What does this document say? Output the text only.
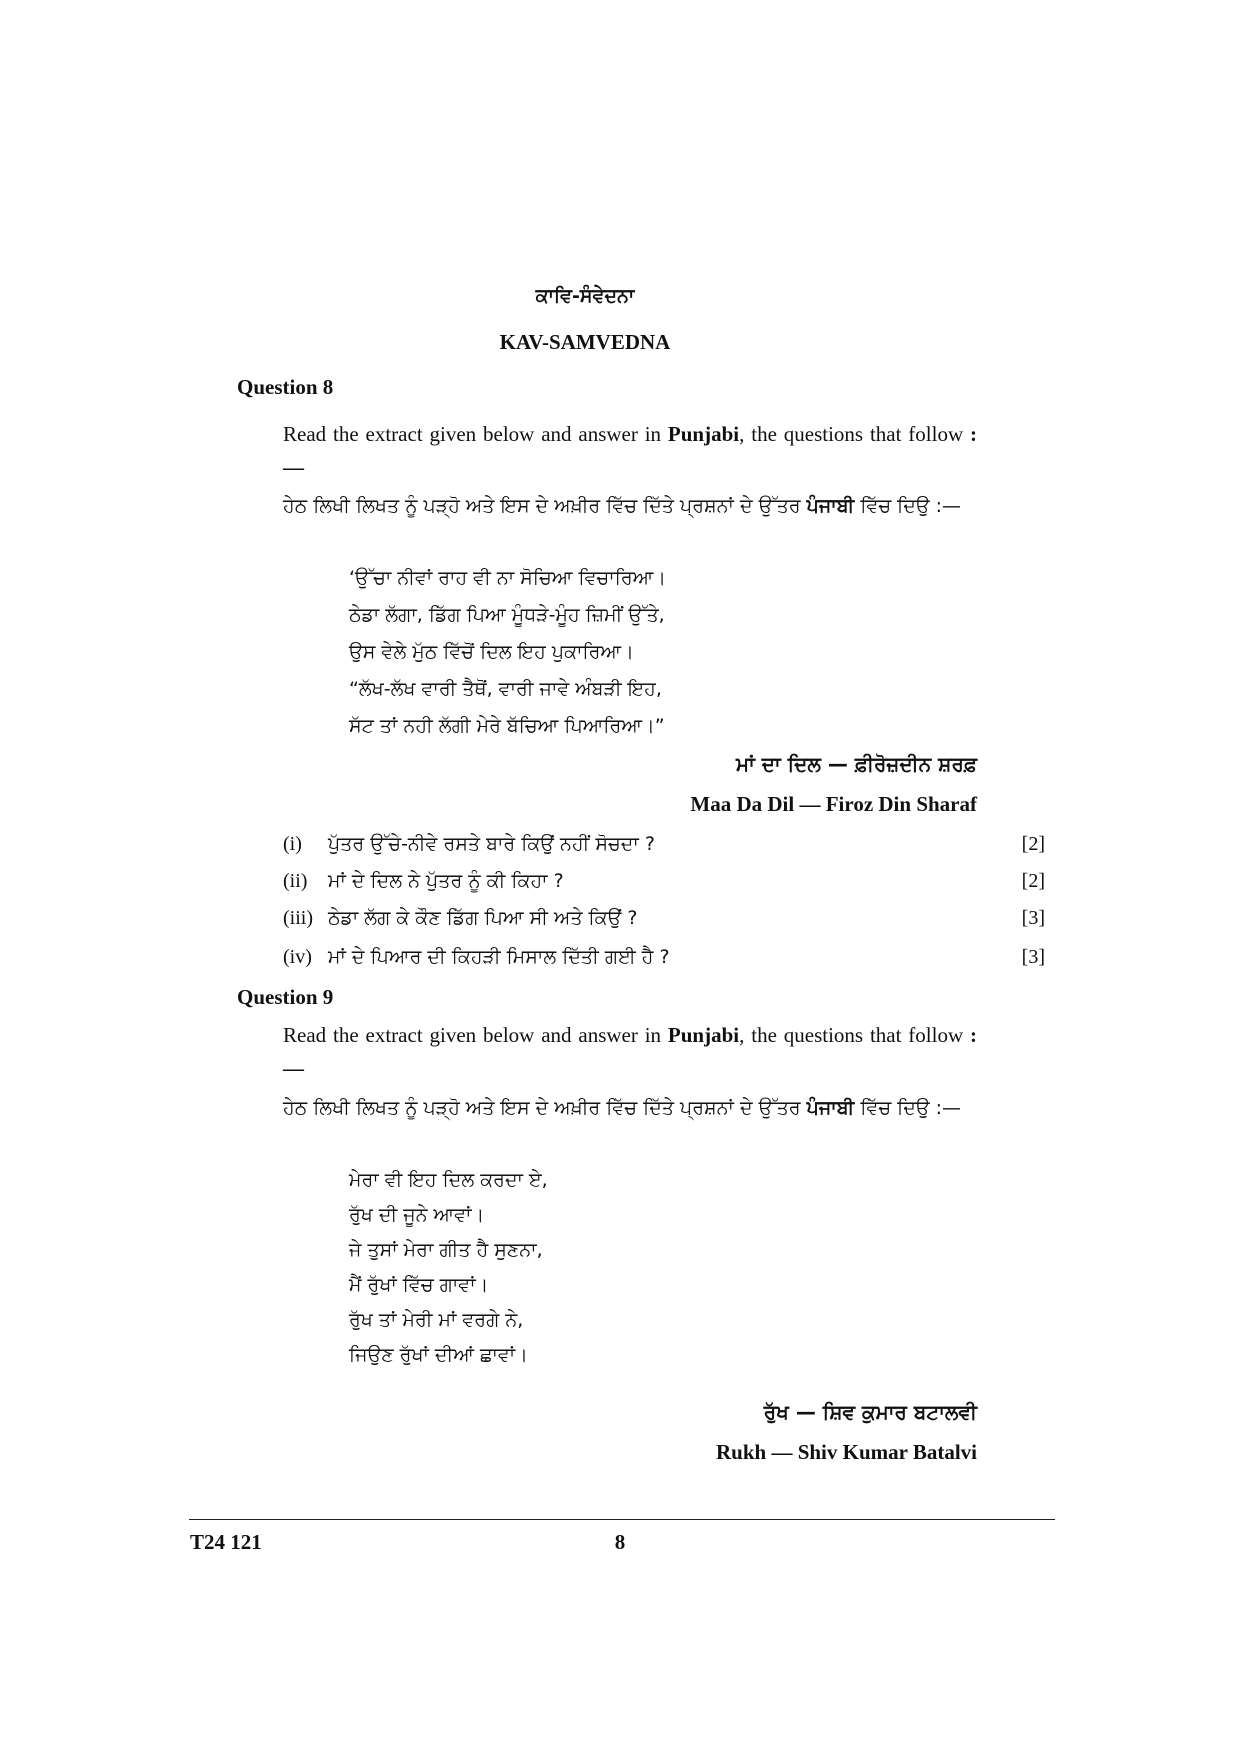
ਕਾਵਿ-ਸੰਵੇਦਨਾ
KAV-SAMVEDNA
Question 8
Read the extract given below and answer in Punjabi, the questions that follow :—
ਹੇਠ ਲਿਖੀ ਲਿਖਤ ਨੂੰ ਪੜ੍ਹੋ ਅਤੇ ਇਸ ਦੇ ਅਖ਼ੀਰ ਵਿੱਚ ਦਿੱਤੇ ਪ੍ਰਸ਼ਨਾਂ ਦੇ ਉੱਤਰ ਪੰਜਾਬੀ ਵਿੱਚ ਦਿਉ :—
‘ਉੱਚਾ ਨੀਵਾਂ ਰਾਹ ਵੀ ਨਾ ਸੋਚਿਆ ਵਿਚਾਰਿਆ।
ਠੇਡਾ ਲੱਗਾ, ਡਿੱਗ ਪਿਆ ਮੂੰਧੜੇ-ਮੂੰਹ ਜ਼ਿਮੀਂ ਉੱਤੇ,
ਉਸ ਵੇਲੇ ਮੁੱਠ ਵਿੱਚੋਂ ਦਿਲ ਇਹ ਪੁਕਾਰਿਆ।
“ਲੱਖ-ਲੱਖ ਵਾਰੀ ਤੈਥੋਂ, ਵਾਰੀ ਜਾਵੇ ਅੰਬੜੀ ਇਹ,
ਸੱਟ ਤਾਂ ਨਹੀ ਲੱਗੀ ਮੇਰੇ ਬੱਚਿਆ ਪਿਆਰਿਆ।”
ਮਾਂ ਦਾ ਦਿਲ — ਫ਼ੀਰੋਜ਼ਦੀਨ ਸ਼ਰਫ਼
Maa Da Dil — Firoz Din Sharaf
(i) ਪੁੱਤਰ ਉੱਚੇ-ਨੀਵੇ ਰਸਤੇ ਬਾਰੇ ਕਿਉਂ ਨਹੀਂ ਸੋਚਦਾ ?	[2]
(ii) ਮਾਂ ਦੇ ਦਿਲ ਨੇ ਪੁੱਤਰ ਨੂੰ ਕੀ ਕਿਹਾ ?	[2]
(iii) ਠੇਡਾ ਲੱਗ ਕੇ ਕੌਣ ਡਿੱਗ ਪਿਆ ਸੀ ਅਤੇ ਕਿਉਂ ?	[3]
(iv) ਮਾਂ ਦੇ ਪਿਆਰ ਦੀ ਕਿਹੜੀ ਮਿਸਾਲ ਦਿੱਤੀ ਗਈ ਹੈ ?	[3]
Question 9
Read the extract given below and answer in Punjabi, the questions that follow :—
ਹੇਠ ਲਿਖੀ ਲਿਖਤ ਨੂੰ ਪੜ੍ਹੋ ਅਤੇ ਇਸ ਦੇ ਅਖ਼ੀਰ ਵਿੱਚ ਦਿੱਤੇ ਪ੍ਰਸ਼ਨਾਂ ਦੇ ਉੱਤਰ ਪੰਜਾਬੀ ਵਿੱਚ ਦਿਉ :—
ਮੇਰਾ ਵੀ ਇਹ ਦਿਲ ਕਰਦਾ ਏ,
ਰੁੱਖ ਦੀ ਜੂਨੇ ਆਵਾਂ।
ਜੇ ਤੁਸਾਂ ਮੇਰਾ ਗੀਤ ਹੈ ਸੁਣਨਾ,
ਮੈਂ ਰੁੱਖਾਂ ਵਿੱਚ ਗਾਵਾਂ।
ਰੁੱਖ ਤਾਂ ਮੇਰੀ ਮਾਂ ਵਰਗੇ ਨੇ,
ਜਿਉਣ ਰੁੱਖਾਂ ਦੀਆਂ ਛਾਵਾਂ।
ਰੁੱਖ — ਸ਼ਿਵ ਕੁਮਾਰ ਬਟਾਲਵੀ
Rukh — Shiv Kumar Batalvi
T24 121	8
